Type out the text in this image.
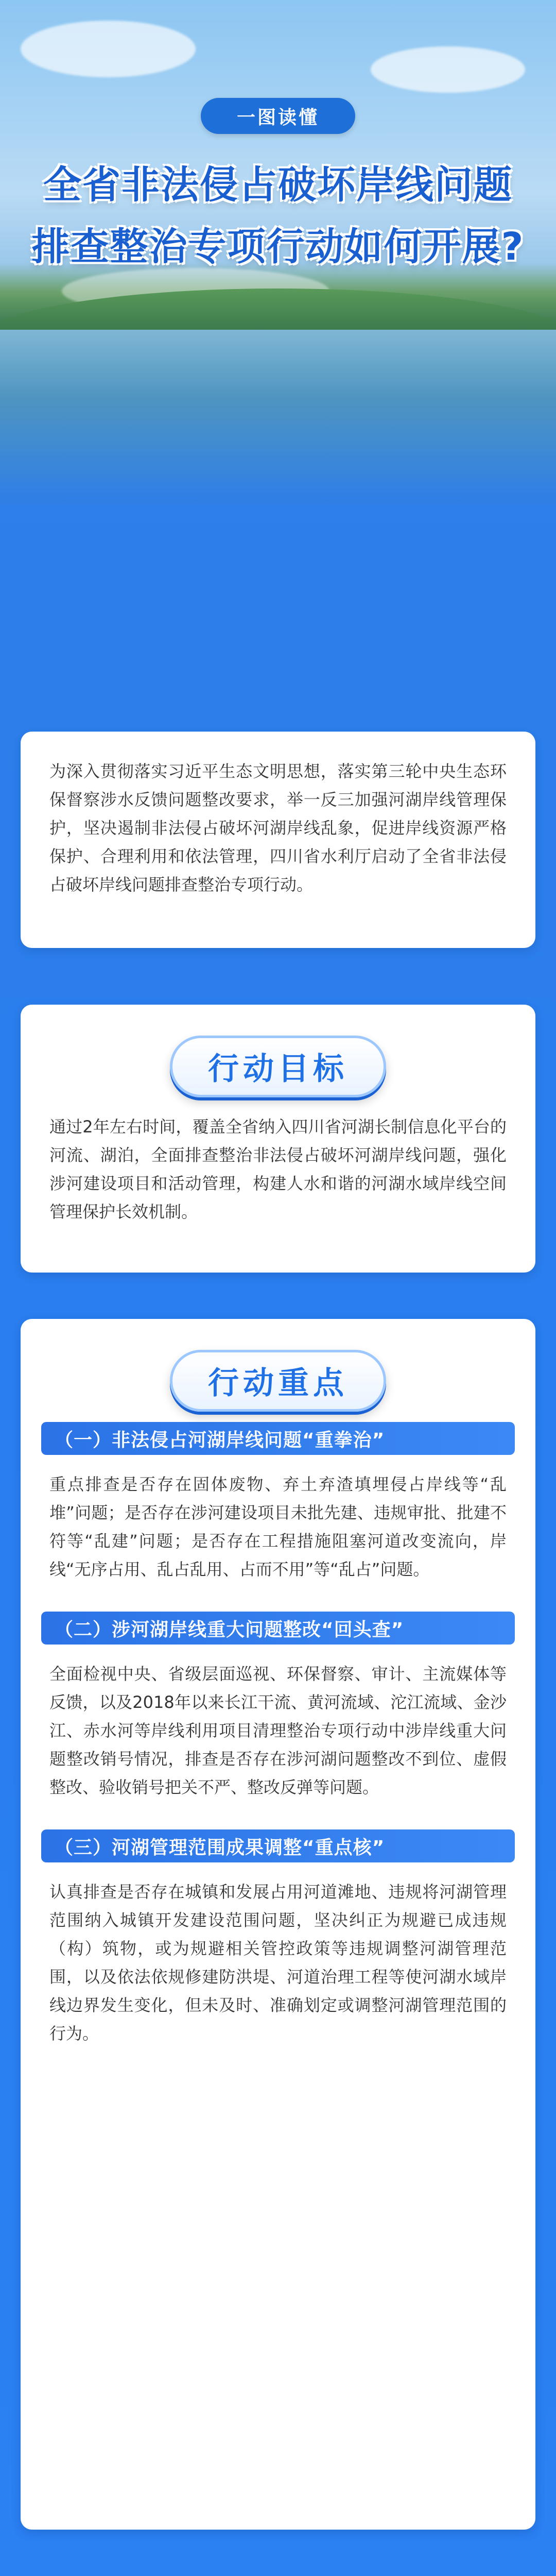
一图读懂
全省非法侵占破坏岸线问题
排查整治专项行动如何开展?

为深入贯彻落实习近平生态文明思想，落实第三轮中央生态环保督察涉水反馈问题整改要求，举一反三加强河湖岸线管理保护，坚决遏制非法侵占破坏河湖岸线乱象，促进岸线资源严格保护、合理利用和依法管理，四川省水利厅启动了全省非法侵占破坏岸线问题排查整治专项行动。

通过2年左右时间，覆盖全省纳入四川省河湖长制信息化平台的河流、湖泊，全面排查整治非法侵占破坏河湖岸线问题，强化涉河建设项目和活动管理，构建人水和谐的河湖水域岸线空间管理保护长效机制。

行动目标
（一）非法侵占河湖岸线问题“重拳治”

重点排查是否存在固体废物、弃土弃渣填埋侵占岸线等“乱堆”问题；是否存在涉河建设项目未批先建、违规审批、批建不符等“乱建”问题；是否存在工程措施阻塞河道改变流向，岸线“无序占用、乱占乱用、占而不用”等“乱占”问题。

（二）涉河湖岸线重大问题整改“回头查”

全面检视中央、省级层面巡视、环保督察、审计、主流媒体等反馈，以及2018年以来长江干流、黄河流域、沱江流域、金沙江、赤水河等岸线利用项目清理整治专项行动中涉岸线重大问题整改销号情况，排查是否存在涉河湖问题整改不到位、虚假整改、验收销号把关不严、整改反弹等问题。

（三）河湖管理范围成果调整“重点核”

认真排查是否存在城镇和发展占用河道滩地、违规将河湖管理范围纳入城镇开发建设范围问题，坚决纠正为规避已成违规（构）筑物，或为规避相关管控政策等违规调整河湖管理范围，以及依法依规修建防洪堤、河道治理工程等使河湖水域岸线边界发生变化，但未及时、准确划定或调整河湖管理范围的行为。

行动重点
